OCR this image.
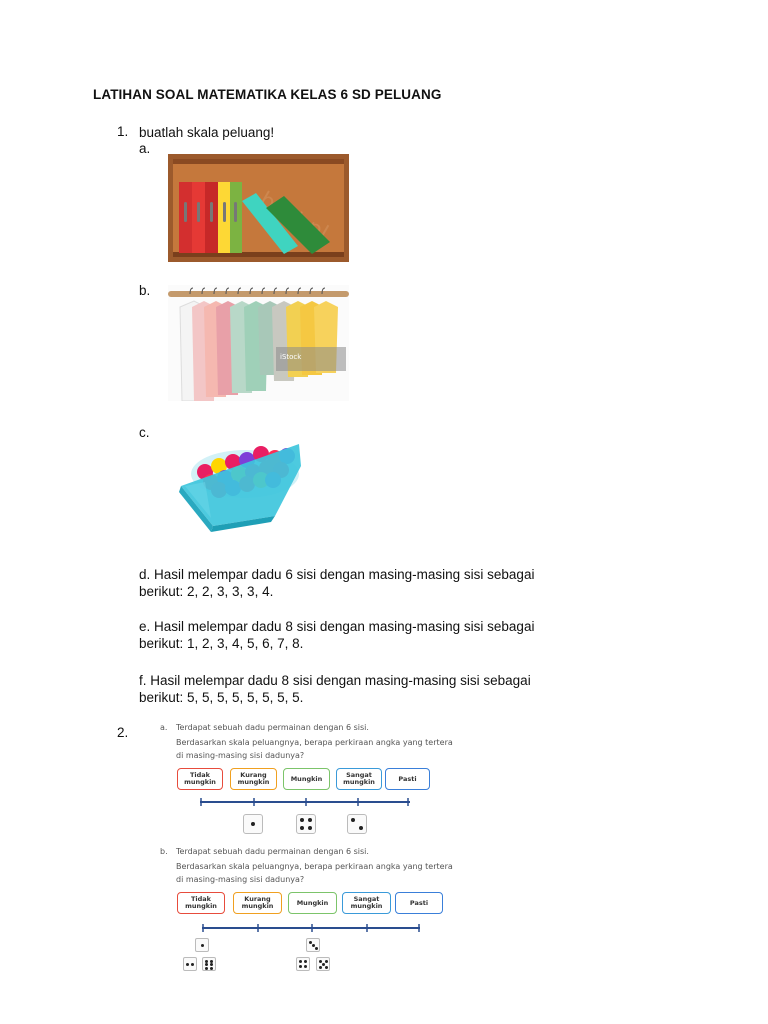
LATIHAN SOAL MATEMATIKA KELAS 6 SD PELUANG
1. buatlah skala peluang!
a.
b.
iStock
c.
d. Hasil melempar dadu 6 sisi dengan masing-masing sisi sebagai
berikut: 2, 2, 3, 3, 3, 4.
e. Hasil melempar dadu 8 sisi dengan masing-masing sisi sebagai
berikut: 1, 2, 3, 4, 5, 6, 7, 8.
f. Hasil melempar dadu 8 sisi dengan masing-masing sisi sebagai
berikut: 5, 5, 5, 5, 5, 5, 5, 5.
2.	a. Terdapat sebuah dadu permainan dengan 6 sisi.
Berdasarkan skala peluangnya, berapa perkiraan angka yang tertera
di masing-masing sisi dadunya?
Tidak
mungkin
Kurang
mungkin	Mungkin	Sangat
mungkin	Pasti
b. Terdapat sebuah dadu permainan dengan 6 sisi.
Berdasarkan skala peluangnya, berapa perkiraan angka yang tertera
di masing-masing sisi dadunya?
Tidak
mungkin
Kurang
mungkin	Mungkin	Sangat
mungkin	Pasti
